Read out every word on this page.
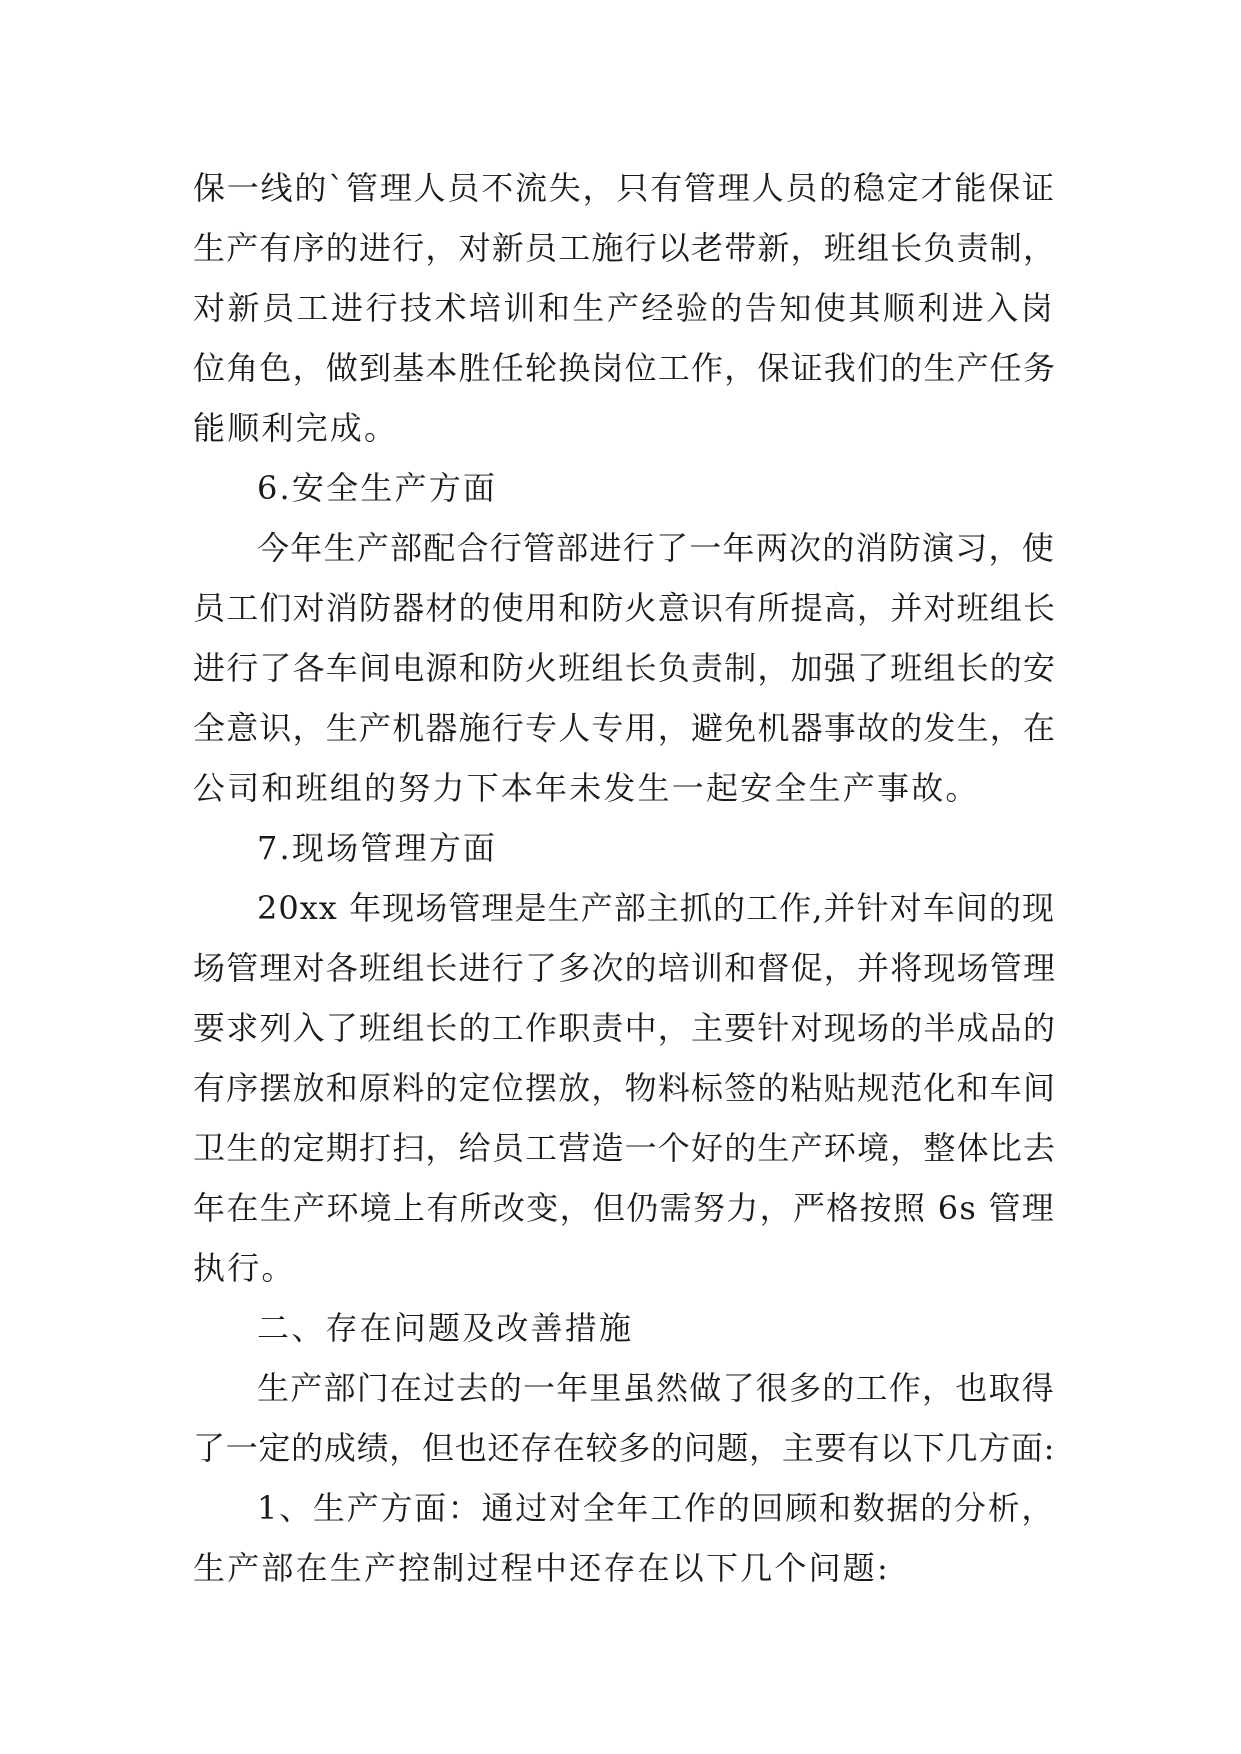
保一线的`管理人员不流失，只有管理人员的稳定才能保证
生产有序的进行，对新员工施行以老带新，班组长负责制，
对新员工进行技术培训和生产经验的告知使其顺利进入岗
位角色，做到基本胜任轮换岗位工作，保证我们的生产任务
能顺利完成。
6.安全生产方面
今年生产部配合行管部进行了一年两次的消防演习，使
员工们对消防器材的使用和防火意识有所提高，并对班组长
进行了各车间电源和防火班组长负责制，加强了班组长的安
全意识，生产机器施行专人专用，避免机器事故的发生，在
公司和班组的努力下本年未发生一起安全生产事故。
7.现场管理方面
20xx 年现场管理是生产部主抓的工作,并针对车间的现
场管理对各班组长进行了多次的培训和督促，并将现场管理
要求列入了班组长的工作职责中，主要针对现场的半成品的
有序摆放和原料的定位摆放，物料标签的粘贴规范化和车间
卫生的定期打扫，给员工营造一个好的生产环境，整体比去
年在生产环境上有所改变，但仍需努力，严格按照 6s 管理
执行。
二、存在问题及改善措施
生产部门在过去的一年里虽然做了很多的工作，也取得
了一定的成绩，但也还存在较多的问题，主要有以下几方面:
1、生产方面：通过对全年工作的回顾和数据的分析，
生产部在生产控制过程中还存在以下几个问题:
